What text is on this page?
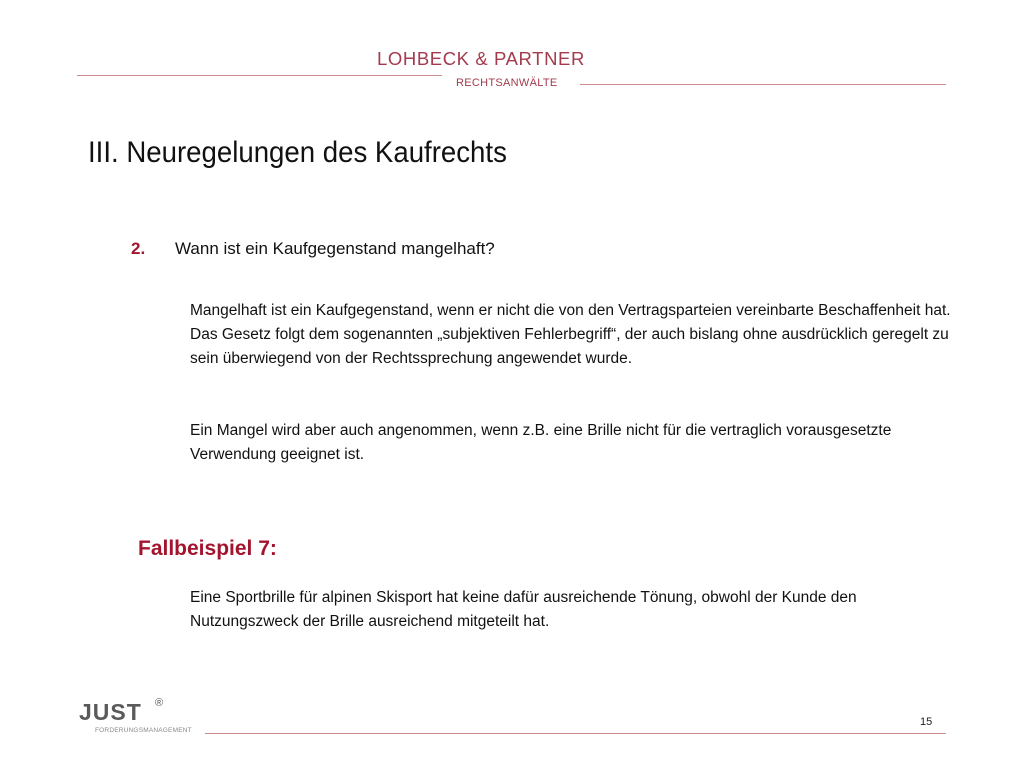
LOHBECK & PARTNER
RECHTSANWÄLTE
III. Neuregelungen des Kaufrechts
2. Wann ist ein Kaufgegenstand mangelhaft?
Mangelhaft ist ein Kaufgegenstand, wenn er nicht die von den Vertragsparteien vereinbarte Beschaffenheit hat. Das Gesetz folgt dem sogenannten „subjektiven Fehlerbegriff“, der auch bislang ohne ausdrücklich geregelt zu sein überwiegend von der Rechtssprechung angewendet wurde.
Ein Mangel wird aber auch angenommen, wenn z.B. eine Brille nicht für die vertraglich vorausgesetzte Verwendung geeignet ist.
Fallbeispiel 7:
Eine Sportbrille für alpinen Skisport hat keine dafür ausreichende Tönung, obwohl der Kunde den Nutzungszweck der Brille ausreichend mitgeteilt hat.
JUST ®
FORDERUNGSMANAGEMENT
15
